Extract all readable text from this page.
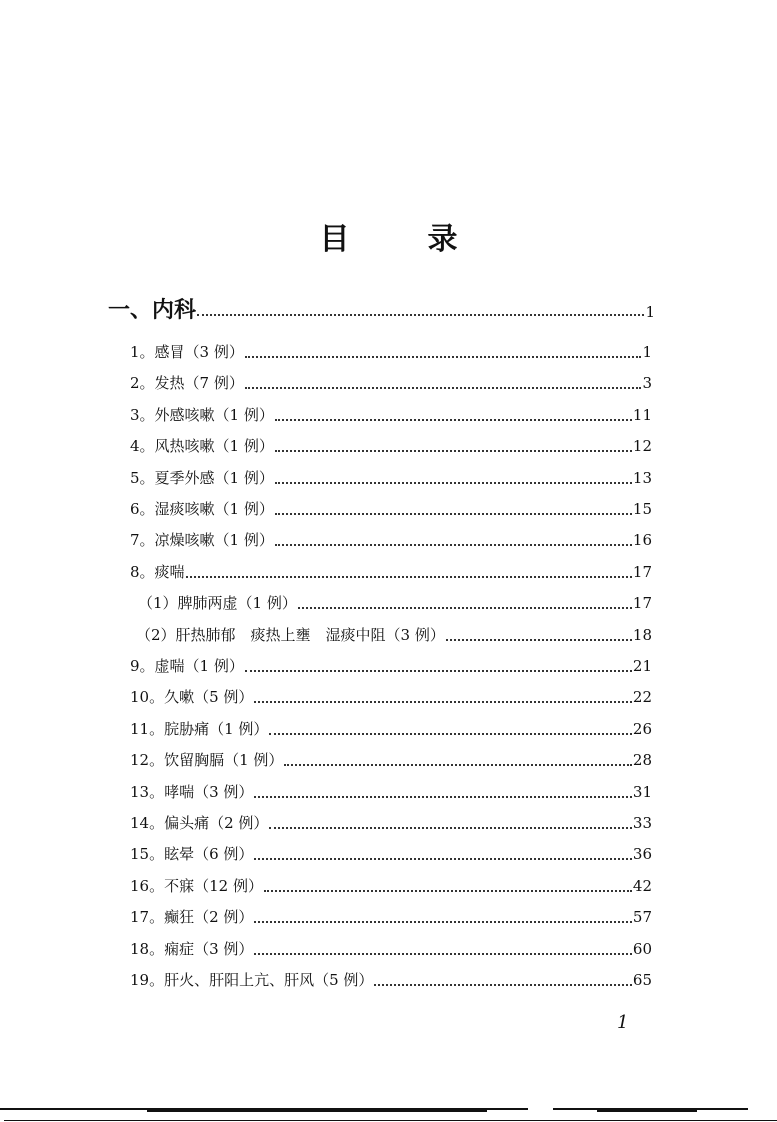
目	录
一、内科	1
1。感冒（3 例）	1
2。发热（7 例）	3
3。外感咳嗽（1 例）	11
4。风热咳嗽（1 例）	12
5。夏季外感（1 例）	13
6。湿痰咳嗽（1 例）	15
7。凉燥咳嗽（1 例）	16
8。痰喘	17
（1）脾肺两虚（1 例）	17
（2）肝热肺郁　痰热上壅　湿痰中阻（3 例）	18
9。虚喘（1 例）	21
10。久嗽（5 例）	22
11。脘胁痛（1 例）	26
12。饮留胸膈（1 例）	28
13。哮喘（3 例）	31
14。偏头痛（2 例）	33
15。眩晕（6 例）	36
16。不寐（12 例）	42
17。癫狂（2 例）	57
18。痫症（3 例）	60
19。肝火、肝阳上亢、肝风（5 例）	65
1
